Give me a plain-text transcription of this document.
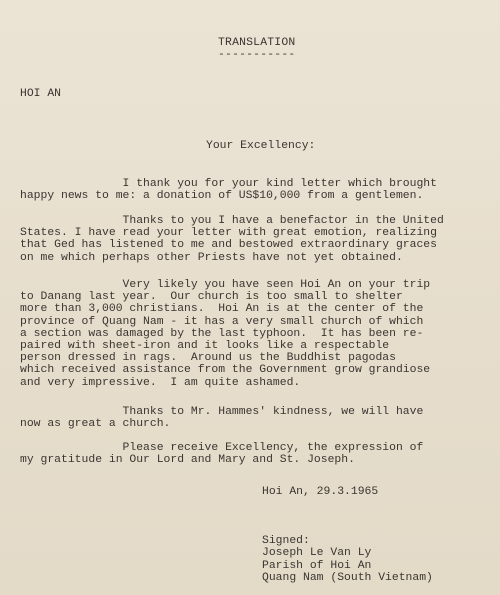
TRANSLATION
-----------
HOI AN
Your Excellency:
I thank you for your kind letter which brought
happy news to me: a donation of US$10,000 from a gentlemen.
Thanks to you I have a benefactor in the United
States. I have read your letter with great emotion, realizing
that Ged has listened to me and bestowed extraordinary graces
on me which perhaps other Priests have not yet obtained.
Very likely you have seen Hoi An on your trip
to Danang last year.  Our church is too small to shelter
more than 3,000 christians.  Hoi An is at the center of the
province of Quang Nam - it has a very small church of which
a section was damaged by the last typhoon.  It has been re-
paired with sheet-iron and it looks like a respectable
person dressed in rags.  Around us the Buddhist pagodas
which received assistance from the Government grow grandiose
and very impressive.  I am quite ashamed.
Thanks to Mr. Hammes' kindness, we will have
now as great a church.
Please receive Excellency, the expression of
my gratitude in Our Lord and Mary and St. Joseph.
Hoi An, 29.3.1965
Signed:
Joseph Le Van Ly
Parish of Hoi An
Quang Nam (South Vietnam)
